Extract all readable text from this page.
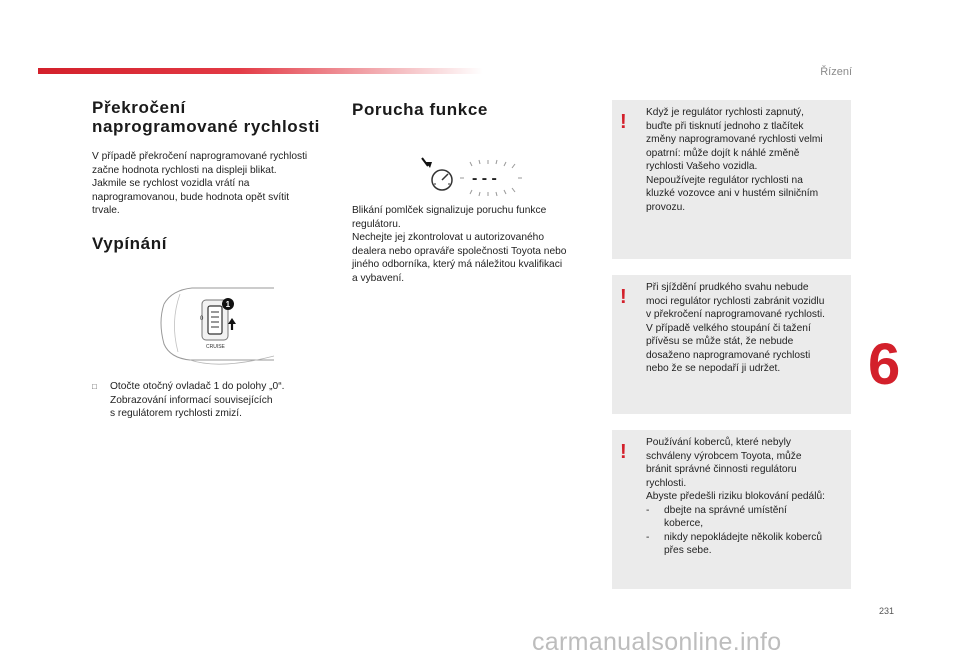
Řízení
Překročení
naprogramované rychlosti

V případě překročení naprogramované rychlosti

začne hodnota rychlosti na displeji blikat.

Jakmile se rychlost vozidla vrátí na

naprogramovanou, bude hodnota opět svítit

trvale.

Vypínání
0
1
CRUISE
□ Otočte otočný ovladač 1 do polohy „0“.

Zobrazování informací souvisejících

s regulátorem rychlosti zmizí.

Porucha funkce
- - -

Blikání pomlček signalizuje poruchu funkce

regulátoru.

Nechejte jej zkontrolovat u autorizovaného

dealera nebo opravářе společnosti Toyota nebo

jiného odborníka, který má náležitou kvalifikaci

a vybavení.

! Když je regulátor rychlosti zapnutý,

buďte při tisknutí jednoho z tlačítek

změny naprogramované rychlosti velmi

opatrní: může dojít k náhlé změně

rychlosti Vašeho vozidla.

Nepoužívejte regulátor rychlosti na

kluzké vozovce ani v hustém silničním

provozu.

! Při sjíždění prudkého svahu nebude

moci regulátor rychlosti zabránit vozidlu

v překročení naprogramované rychlosti.

V případě velkého stoupání či tažení

přívěsu se může stát, že nebude

dosaženo naprogramované rychlosti

nebo že se nepodaří ji udržet.

! Používání koberců, které nebyly

schváleny výrobcem Toyota, může

bránit správné činnosti regulátoru

rychlosti.

Abyste předešli riziku blokování pedálů:

-	dbejte na správné umístění
koberce,
-	nikdy nepokládejte několik koberců
přes sebe.
6
231
carmanualsonline.info
